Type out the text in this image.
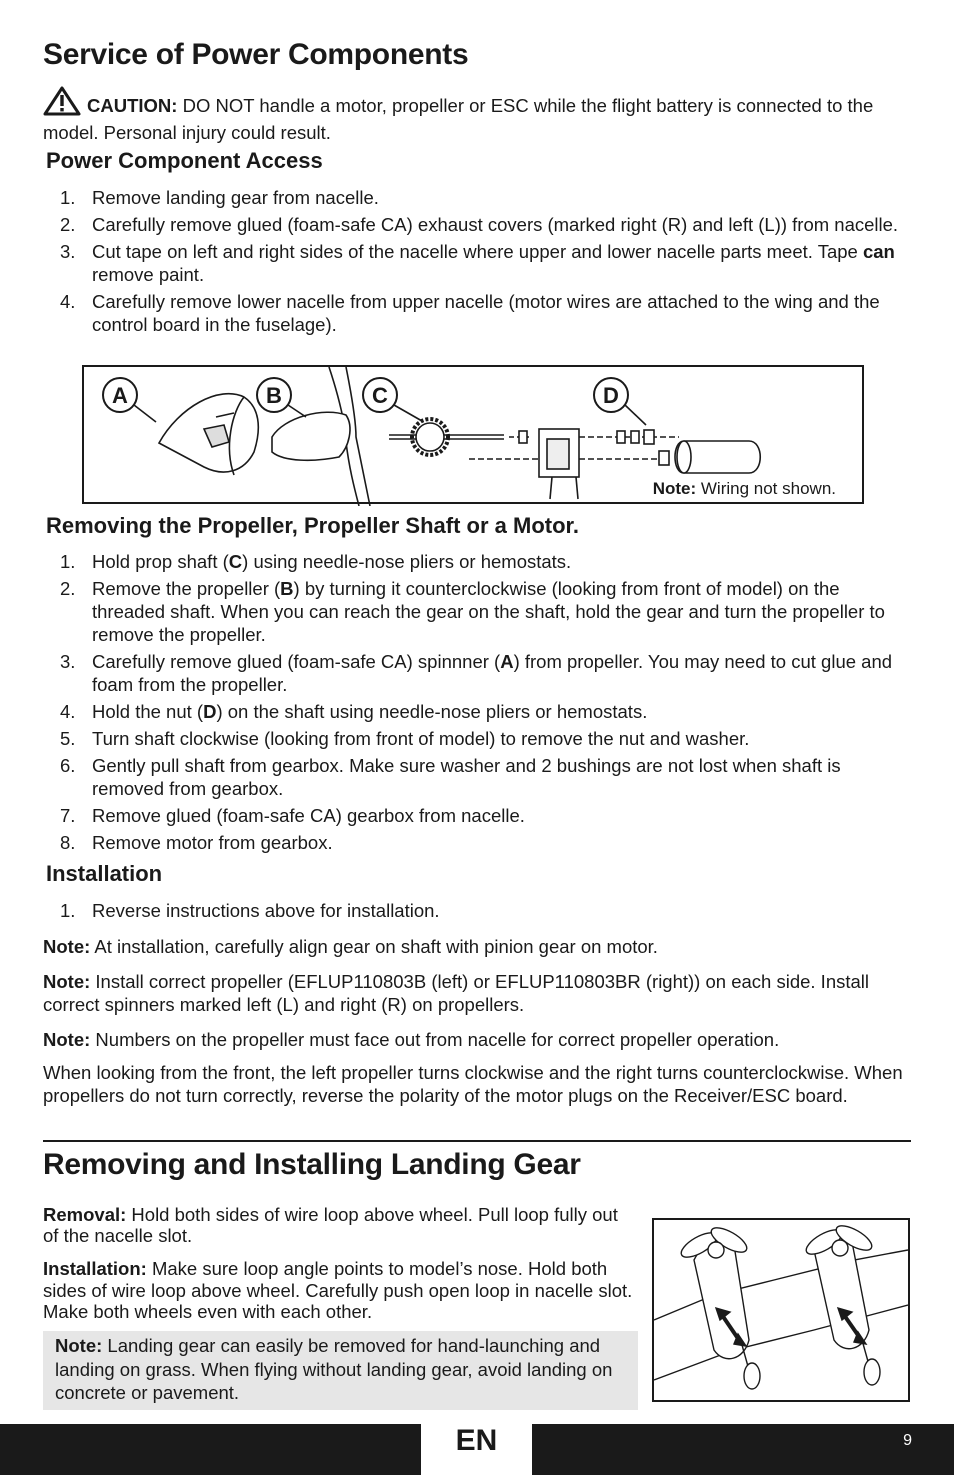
Service of Power Components
CAUTION: DO NOT handle a motor, propeller or ESC while the flight battery is connected to the model. Personal injury could result.
Power Component Access
1. Remove landing gear from nacelle.
2. Carefully remove glued (foam-safe CA) exhaust covers (marked right (R) and left (L)) from nacelle.
3. Cut tape on left and right sides of the nacelle where upper and lower nacelle parts meet. Tape can remove paint.
4. Carefully remove lower nacelle from upper nacelle (motor wires are attached to the wing and the control board in the fuselage).
A	B	C	D
Note: Wiring not shown.
Removing the Propeller, Propeller Shaft or a Motor.
1. Hold prop shaft (C) using needle-nose pliers or hemostats.
2. Remove the propeller (B) by turning it counterclockwise (looking from front of model) on the threaded shaft. When you can reach the gear on the shaft, hold the gear and turn the propeller to remove the propeller.
3. Carefully remove glued (foam-safe CA) spinnner (A) from propeller. You may need to cut glue and foam from the propeller.
4. Hold the nut (D) on the shaft using needle-nose pliers or hemostats.
5. Turn shaft clockwise (looking from front of model) to remove the nut and washer.
6. Gently pull shaft from gearbox. Make sure washer and 2 bushings are not lost when shaft is removed from gearbox.
7. Remove glued (foam-safe CA) gearbox from nacelle.
8. Remove motor from gearbox.
Installation
1. Reverse instructions above for installation.
Note: At installation, carefully align gear on shaft with pinion gear on motor.
Note: Install correct propeller (EFLUP110803B (left) or EFLUP110803BR (right)) on each side. Install correct spinners marked left (L) and right (R) on propellers.
Note: Numbers on the propeller must face out from nacelle for correct propeller operation.
When looking from the front, the left propeller turns clockwise and the right turns counterclockwise. When propellers do not turn correctly, reverse the polarity of the motor plugs on the Receiver/ESC board.
Removing and Installing Landing Gear
Removal: Hold both sides of wire loop above wheel. Pull loop fully out of the nacelle slot.
Installation: Make sure loop angle points to model’s nose. Hold both sides of wire loop above wheel. Carefully push open loop in nacelle slot. Make both wheels even with each other.
Note: Landing gear can easily be removed for hand-launching and landing on grass. When flying without landing gear, avoid landing on concrete or pavement.
EN	9
